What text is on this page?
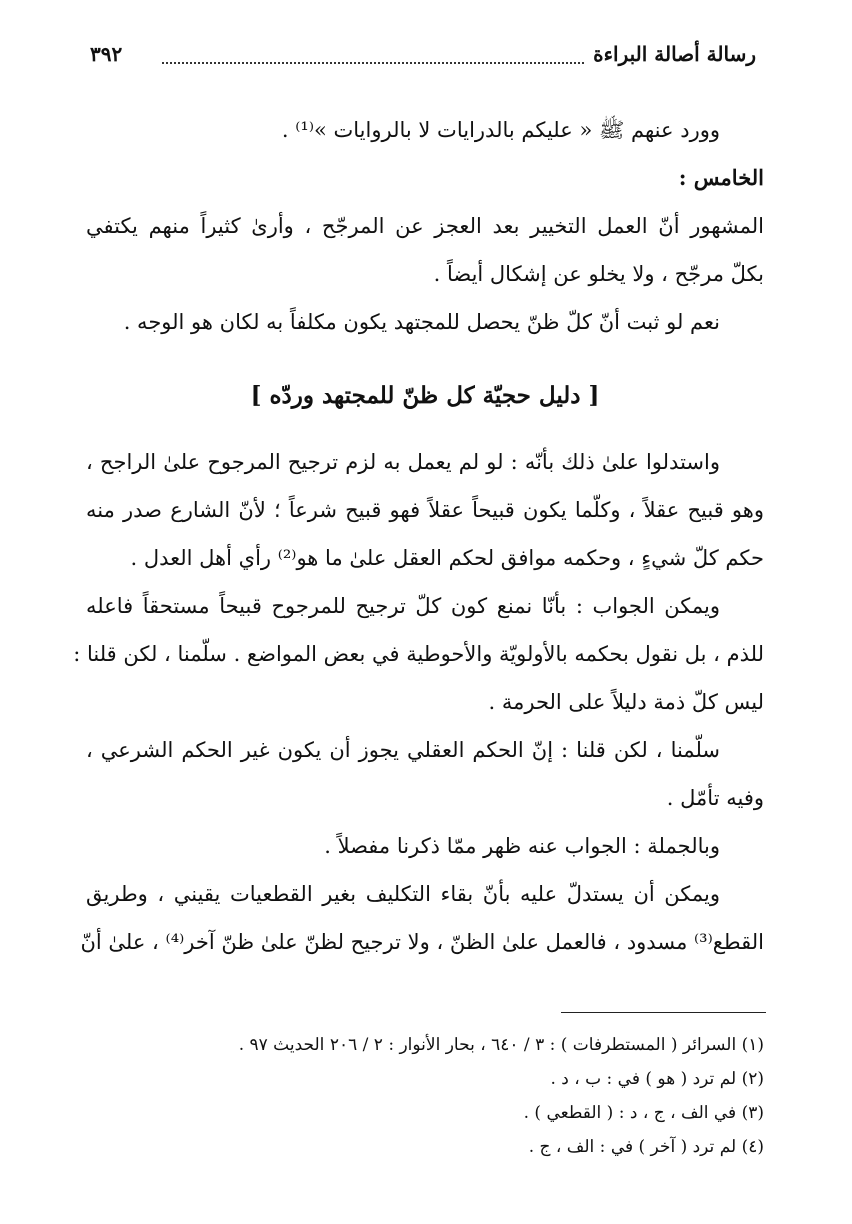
رسالة أصالة البراءة
٣٩٢
وورد عنهم ﷺ « عليكم بالدرايات لا بالروايات »⁽¹⁾ .
الخامس :
المشهور أنّ العمل التخيير بعد العجز عن المرجّح ، وأرىٰ كثيراً منهم يكتفي
بكلّ مرجّح ، ولا يخلو عن إشكال أيضاً .
نعم لو ثبت أنّ كلّ ظنّ يحصل للمجتهد يكون مكلفاً به لكان هو الوجه .
[ دليل حجيّة كل ظنّ للمجتهد وردّه ]
واستدلوا علىٰ ذلك بأنّه : لو لم يعمل به لزم ترجيح المرجوح علىٰ الراجح ،
وهو قبيح عقلاً ، وكلّما يكون قبيحاً عقلاً فهو قبيح شرعاً ؛ لأنّ الشارع صدر منه
حكم كلّ شيءٍ ، وحكمه موافق لحكم العقل علىٰ ما هو⁽²⁾ رأي أهل العدل .
ويمكن الجواب : بأنّا نمنع كون كلّ ترجيح للمرجوح قبيحاً مستحقاً فاعله
للذم ، بل نقول بحكمه بالأولويّة والأحوطية في بعض المواضع . سلّمنا ، لكن قلنا :
ليس كلّ ذمة دليلاً على الحرمة .
سلّمنا ، لكن قلنا : إنّ الحكم العقلي يجوز أن يكون غير الحكم الشرعي ،
وفيه تأمّل .
وبالجملة : الجواب عنه ظهر ممّا ذكرنا مفصلاً .
ويمكن أن يستدلّ عليه بأنّ بقاء التكليف بغير القطعيات يقيني ، وطريق
القطع⁽³⁾ مسدود ، فالعمل علىٰ الظنّ ، ولا ترجيح لظنّ علىٰ ظنّ آخر⁽⁴⁾ ، علىٰ أنّ
(١) السرائر ( المستطرفات ) : ٣ / ٦٤٠ ، بحار الأنوار : ٢ / ٢٠٦ الحديث ٩٧ .
(٢) لم ترد ( هو ) في : ب ، د .
(٣) في الف ، ج ، د : ( القطعي ) .
(٤) لم ترد ( آخر ) في : الف ، ج .
